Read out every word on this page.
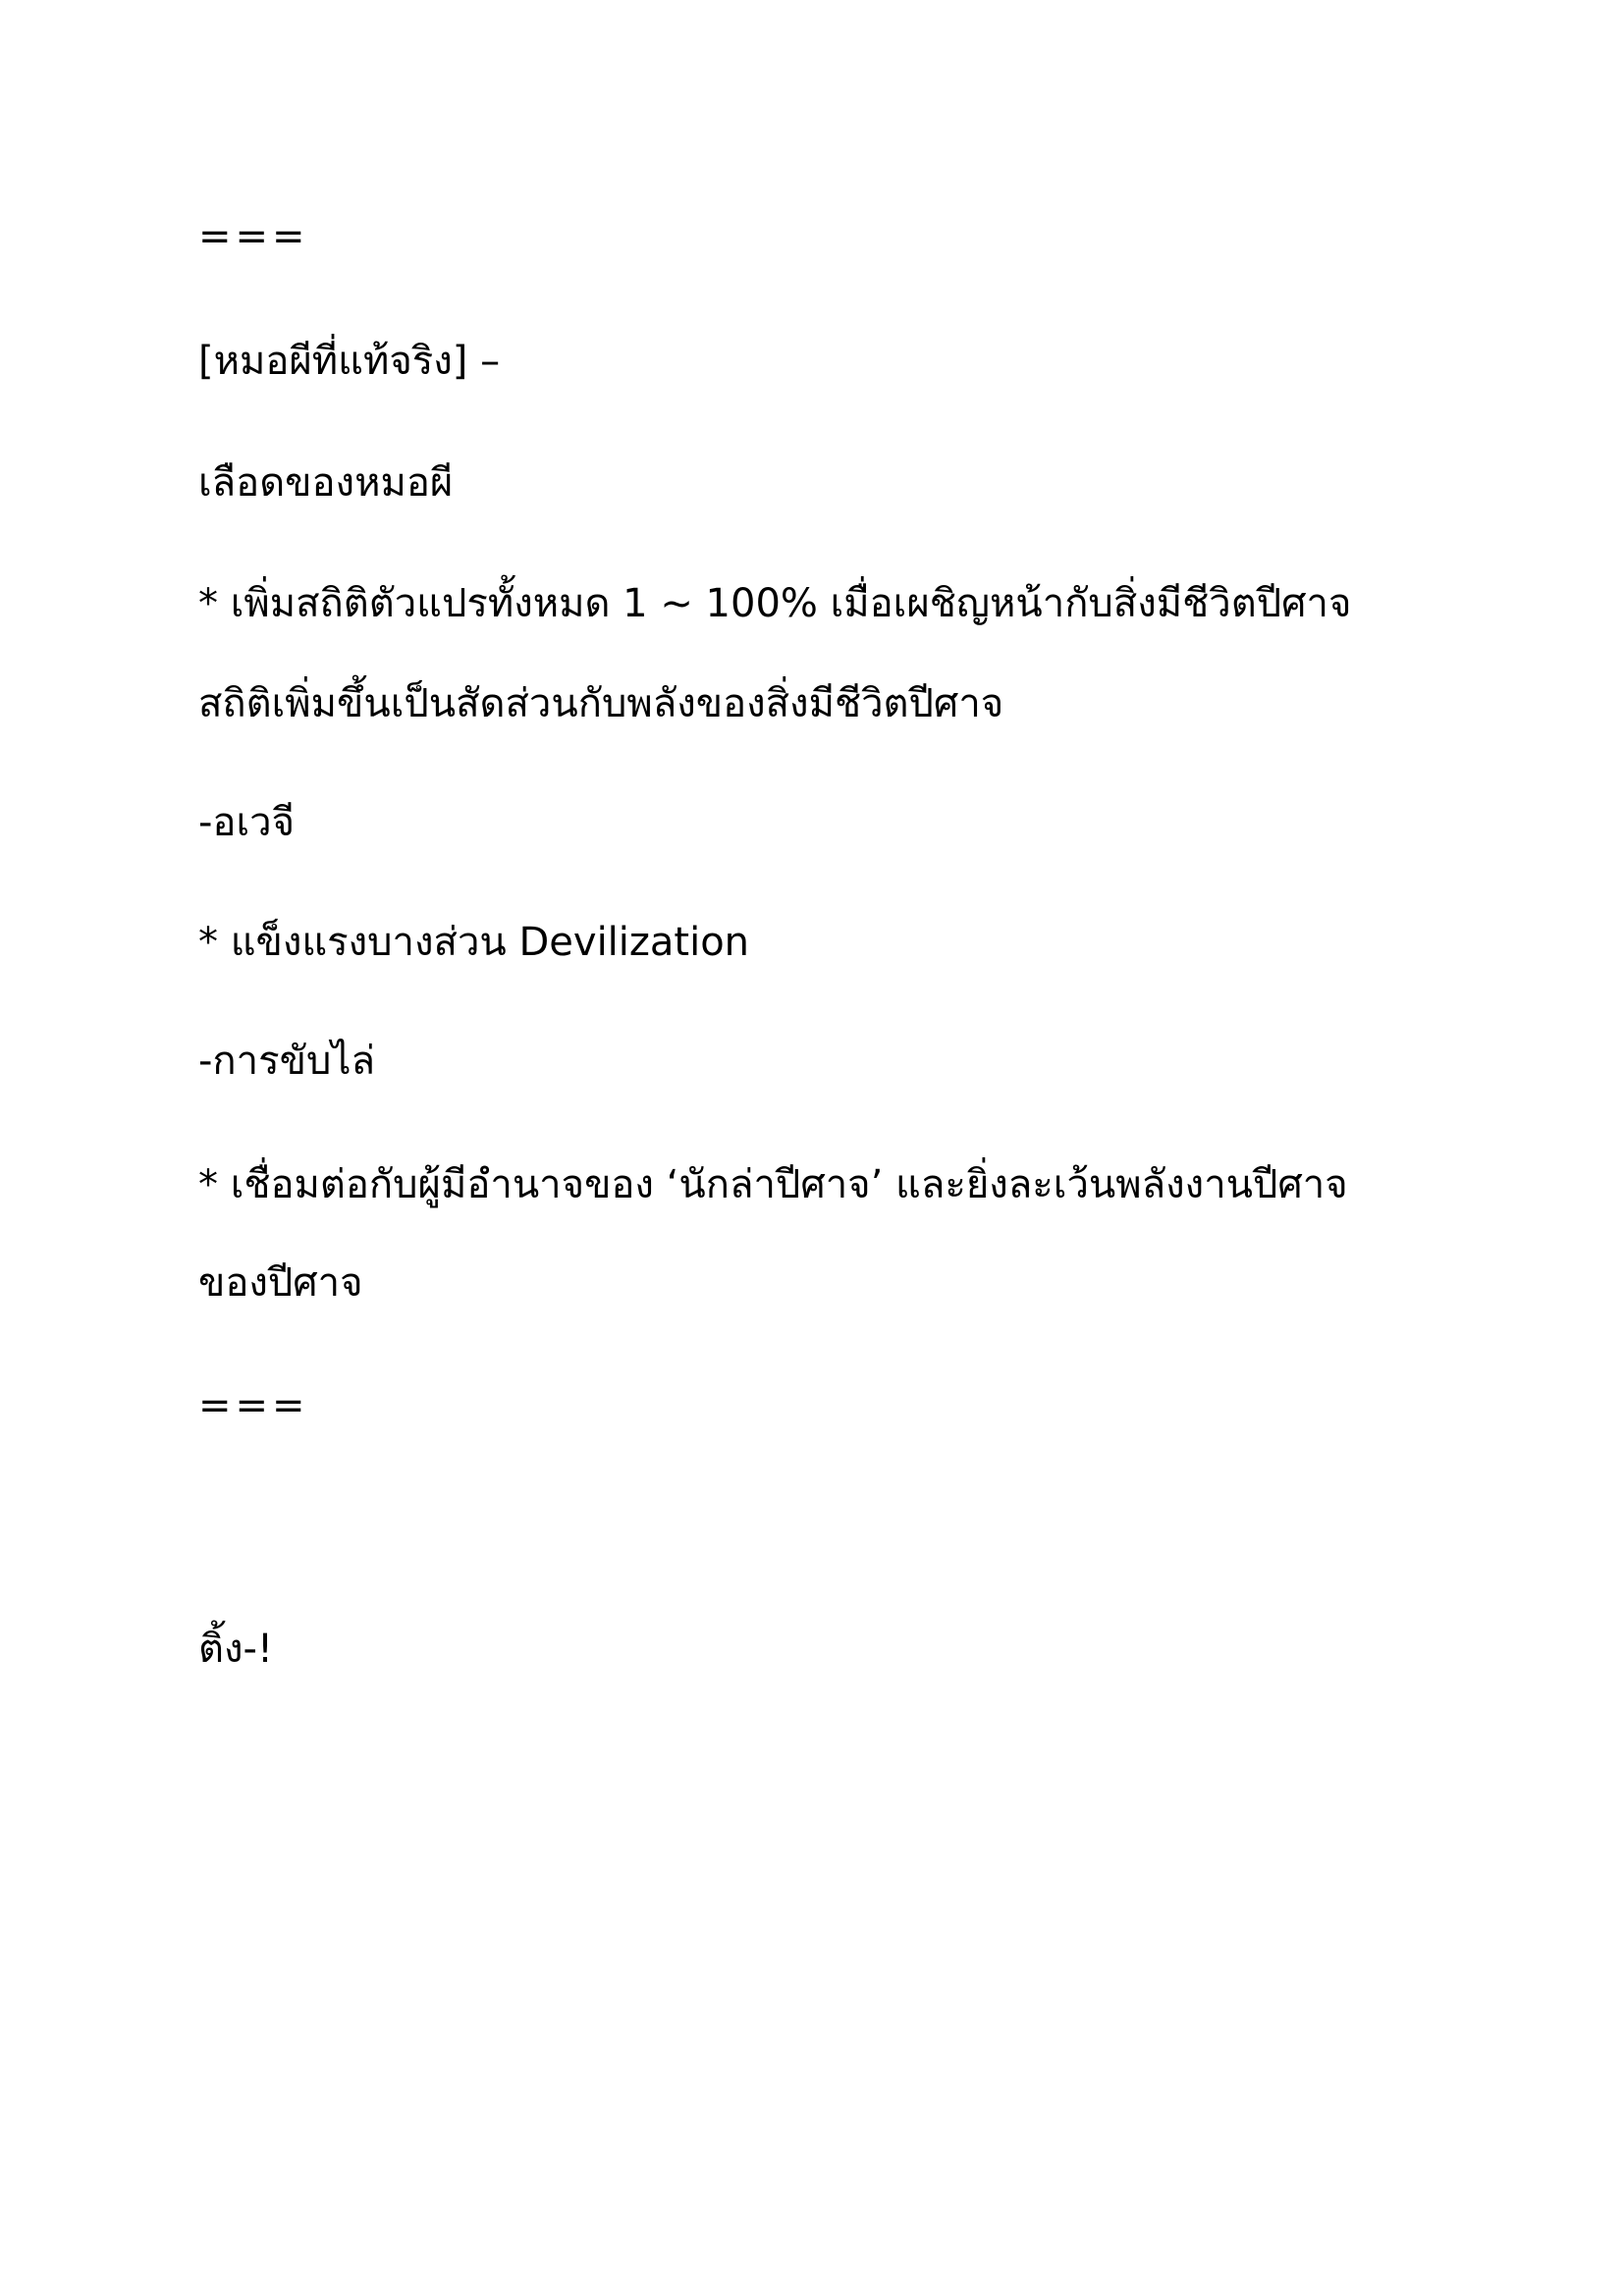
===

[หมอผีที่แท้จริง] –

เลือดของหมอผี

* เพิ่มสถิติตัวแปรทั้งหมด 1 ~ 100% เมื่อเผชิญหน้ากับสิ่งมีชีวิตปีศาจ

สถิติเพิ่มขึ้นเป็นสัดส่วนกับพลังของสิ่งมีชีวิตปีศาจ

-อเวจี

* แข็งแรงบางส่วน Devilization

-การขับไล่

* เชื่อมต่อกับผู้มีอำนาจของ ‘นักล่าปีศาจ’ และยิ่งละเว้นพลังงานปีศาจ

ของปีศาจ

===

ติ้ง-!
